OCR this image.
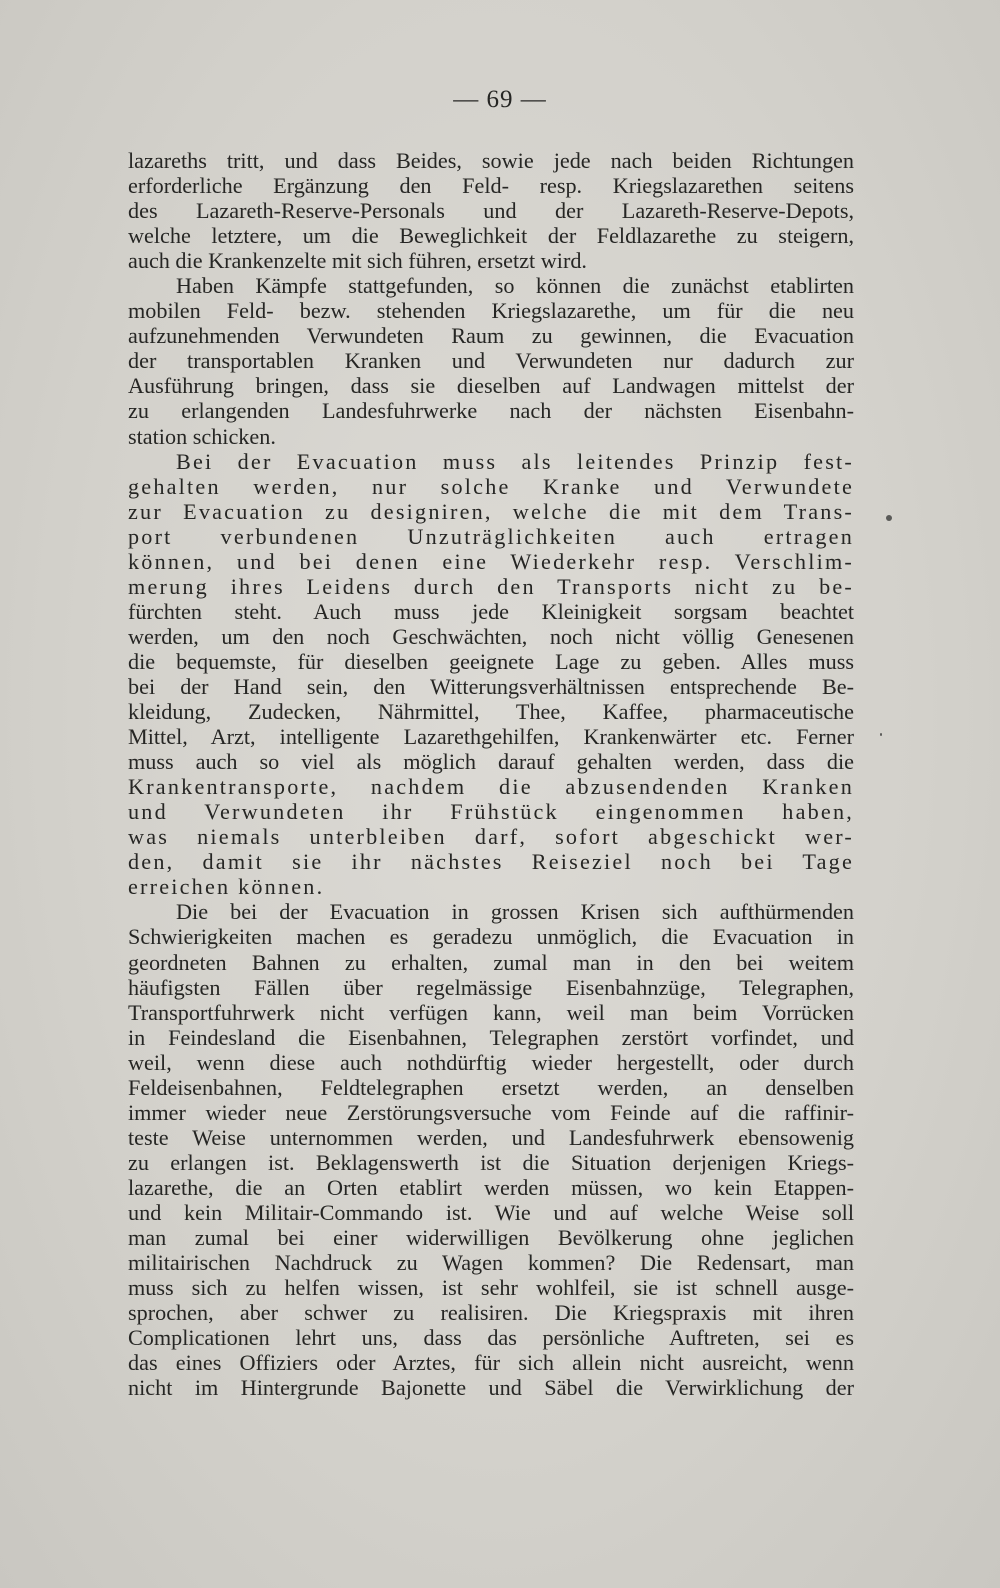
— 69 —
lazareths tritt, und dass Beides, sowie jede nach beiden Richtungen
erforderliche Ergänzung den Feld- resp. Kriegslazarethen seitens
des Lazareth-Reserve-Personals und der Lazareth-Reserve-Depots,
welche letztere, um die Beweglichkeit der Feldlazarethe zu steigern,
auch die Krankenzelte mit sich führen, ersetzt wird.
Haben Kämpfe stattgefunden, so können die zunächst etablirten
mobilen Feld- bezw. stehenden Kriegslazarethe, um für die neu
aufzunehmenden Verwundeten Raum zu gewinnen, die Evacuation
der transportablen Kranken und Verwundeten nur dadurch zur
Ausführung bringen, dass sie dieselben auf Landwagen mittelst der
zu erlangenden Landesfuhrwerke nach der nächsten Eisenbahn-
station schicken.
Bei der Evacuation muss als leitendes Prinzip fest-
gehalten werden, nur solche Kranke und Verwundete
zur Evacuation zu designiren, welche die mit dem Trans-
port verbundenen Unzuträglichkeiten auch ertragen
können, und bei denen eine Wiederkehr resp. Verschlim-
merung ihres Leidens durch den Transports nicht zu be-
fürchten steht. Auch muss jede Kleinigkeit sorgsam beachtet
werden, um den noch Geschwächten, noch nicht völlig Genesenen
die bequemste, für dieselben geeignete Lage zu geben. Alles muss
bei der Hand sein, den Witterungsverhältnissen entsprechende Be-
kleidung, Zudecken, Nährmittel, Thee, Kaffee, pharmaceutische
Mittel, Arzt, intelligente Lazarethgehilfen, Krankenwärter etc. Ferner
muss auch so viel als möglich darauf gehalten werden, dass die
Krankentransporte, nachdem die abzusendenden Kranken
und Verwundeten ihr Frühstück eingenommen haben,
was niemals unterbleiben darf, sofort abgeschickt wer-
den, damit sie ihr nächstes Reiseziel noch bei Tage
erreichen können.
Die bei der Evacuation in grossen Krisen sich aufthürmenden
Schwierigkeiten machen es geradezu unmöglich, die Evacuation in
geordneten Bahnen zu erhalten, zumal man in den bei weitem
häufigsten Fällen über regelmässige Eisenbahnzüge, Telegraphen,
Transportfuhrwerk nicht verfügen kann, weil man beim Vorrücken
in Feindesland die Eisenbahnen, Telegraphen zerstört vorfindet, und
weil, wenn diese auch nothdürftig wieder hergestellt, oder durch
Feldeisenbahnen, Feldtelegraphen ersetzt werden, an denselben
immer wieder neue Zerstörungsversuche vom Feinde auf die raffinir-
teste Weise unternommen werden, und Landesfuhrwerk ebensowenig
zu erlangen ist. Beklagenswerth ist die Situation derjenigen Kriegs-
lazarethe, die an Orten etablirt werden müssen, wo kein Etappen-
und kein Militair-Commando ist. Wie und auf welche Weise soll
man zumal bei einer widerwilligen Bevölkerung ohne jeglichen
militairischen Nachdruck zu Wagen kommen? Die Redensart, man
muss sich zu helfen wissen, ist sehr wohlfeil, sie ist schnell ausge-
sprochen, aber schwer zu realisiren. Die Kriegspraxis mit ihren
Complicationen lehrt uns, dass das persönliche Auftreten, sei es
das eines Offiziers oder Arztes, für sich allein nicht ausreicht, wenn
nicht im Hintergrunde Bajonette und Säbel die Verwirklichung der
